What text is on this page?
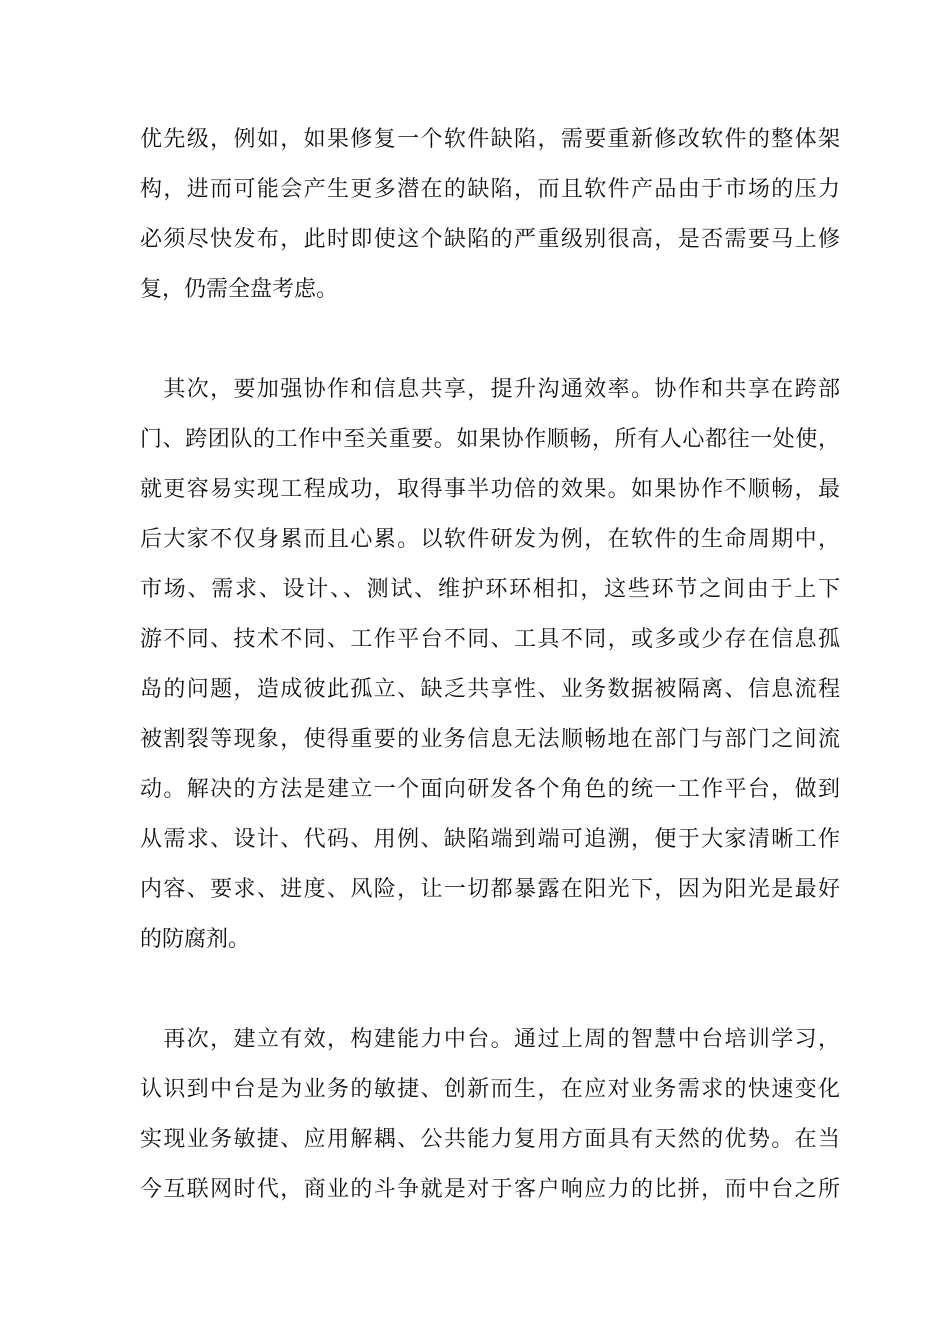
优先级，例如，如果修复一个软件缺陷，需要重新修改软件的整体架
构，进而可能会产生更多潜在的缺陷，而且软件产品由于市场的压力
必须尽快发布，此时即使这个缺陷的严重级别很高，是否需要马上修
复，仍需全盘考虑。
　其次，要加强协作和信息共享，提升沟通效率。协作和共享在跨部
门、跨团队的工作中至关重要。如果协作顺畅，所有人心都往一处使，
就更容易实现工程成功，取得事半功倍的效果。如果协作不顺畅，最
后大家不仅身累而且心累。以软件研发为例，在软件的生命周期中，
市场、需求、设计、、测试、维护环环相扣，这些环节之间由于上下
游不同、技术不同、工作平台不同、工具不同，或多或少存在信息孤
岛的问题，造成彼此孤立、缺乏共享性、业务数据被隔离、信息流程
被割裂等现象，使得重要的业务信息无法顺畅地在部门与部门之间流
动。解决的方法是建立一个面向研发各个角色的统一工作平台，做到
从需求、设计、代码、用例、缺陷端到端可追溯，便于大家清晰工作
内容、要求、进度、风险，让一切都暴露在阳光下，因为阳光是最好
的防腐剂。
　再次，建立有效，构建能力中台。通过上周的智慧中台培训学习，
认识到中台是为业务的敏捷、创新而生，在应对业务需求的快速变化
实现业务敏捷、应用解耦、公共能力复用方面具有天然的优势。在当
今互联网时代，商业的斗争就是对于客户响应力的比拼，而中台之所
